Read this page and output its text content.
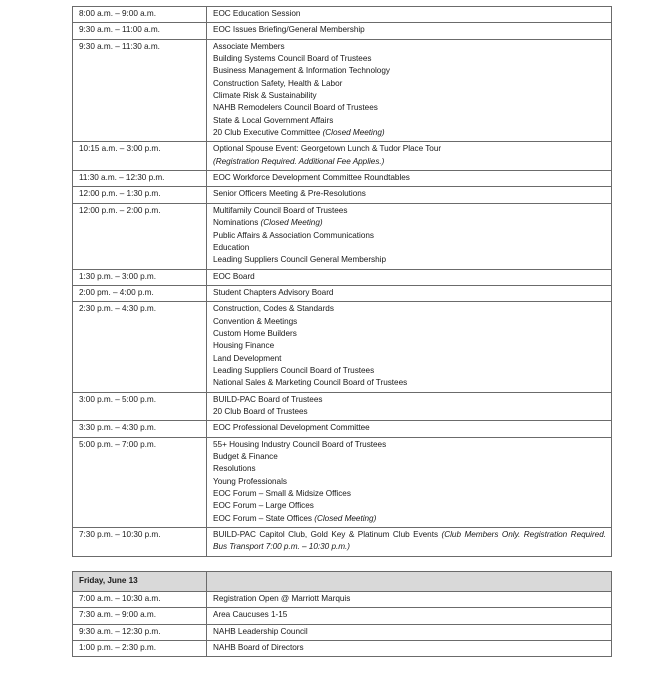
8:00 a.m. – 9:00 a.m.	EOC Education Session

9:30 a.m. – 11:00 a.m.	EOC Issues Briefing/General Membership

9:30 a.m. – 11:30 a.m.	Associate Members
Building Systems Council Board of Trustees
Business Management & Information Technology
Construction Safety, Health & Labor
Climate Risk & Sustainability
NAHB Remodelers Council Board of Trustees
State & Local Government Affairs
20 Club Executive Committee (Closed Meeting)

10:15 a.m. – 3:00 p.m.	Optional Spouse Event: Georgetown Lunch & Tudor Place Tour
(Registration Required. Additional Fee Applies.)

11:30 a.m. – 12:30 p.m.	EOC Workforce Development Committee Roundtables

12:00 p.m. – 1:30 p.m.	Senior Officers Meeting & Pre-Resolutions

12:00 p.m. – 2:00 p.m.	Multifamily Council Board of Trustees
Nominations (Closed Meeting)
Public Affairs & Association Communications
Education
Leading Suppliers Council General Membership

1:30 p.m. – 3:00 p.m.	EOC Board

2:00 pm. – 4:00 p.m.	Student Chapters Advisory Board

2:30 p.m. – 4:30 p.m.	Construction, Codes & Standards
Convention & Meetings
Custom Home Builders
Housing Finance
Land Development
Leading Suppliers Council Board of Trustees
National Sales & Marketing Council Board of Trustees

3:00 p.m. – 5:00 p.m.	BUILD-PAC Board of Trustees
20 Club Board of Trustees

3:30 p.m. – 4:30 p.m.	EOC Professional Development Committee

5:00 p.m. – 7:00 p.m.	55+ Housing Industry Council Board of Trustees
Budget & Finance
Resolutions
Young Professionals
EOC Forum – Small & Midsize Offices
EOC Forum – Large Offices
EOC Forum – State Offices (Closed Meeting)

7:30 p.m. – 10:30 p.m.	BUILD-PAC Capitol Club, Gold Key & Platinum Club Events (Club Members Only. Registration Required. Bus Transport 7:00 p.m. – 10:30 p.m.)
Friday, June 13	
7:00 a.m. – 10:30 a.m.	Registration Open @ Marriott Marquis

7:30 a.m. – 9:00 a.m.	Area Caucuses 1-15

9:30 a.m. – 12:30 p.m.	NAHB Leadership Council

1:00 p.m. – 2:30 p.m.	NAHB Board of Directors
